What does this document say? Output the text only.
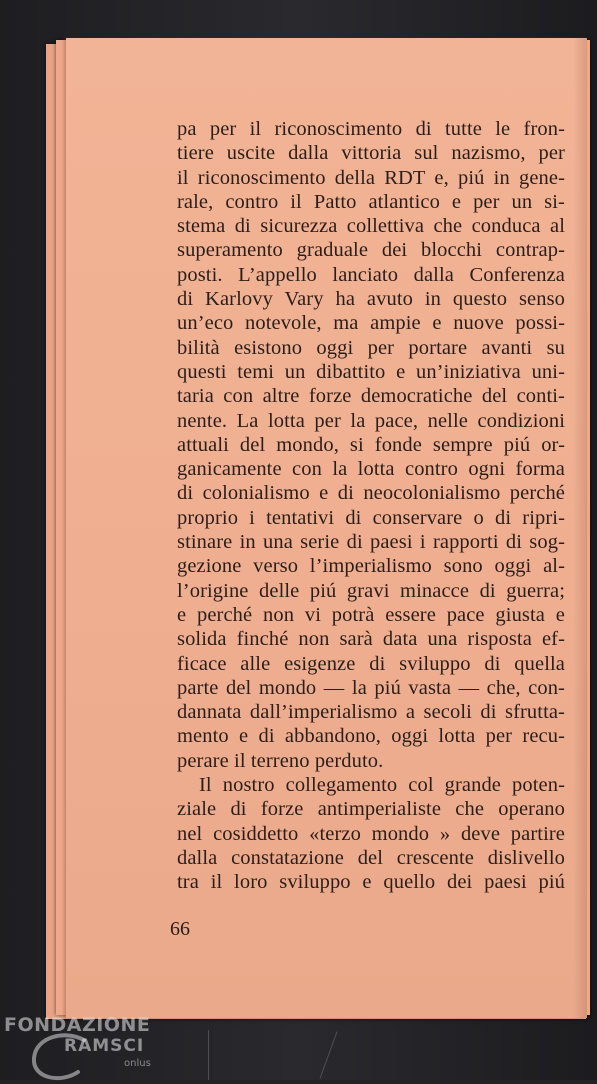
pa per il riconoscimento di tutte le fron-
tiere uscite dalla vittoria sul nazismo, per
il riconoscimento della RDT e, piú in gene-
rale, contro il Patto atlantico e per un si-
stema di sicurezza collettiva che conduca al
superamento graduale dei blocchi contrap-
posti. L’appello lanciato dalla Conferenza
di Karlovy Vary ha avuto in questo senso
un’eco notevole, ma ampie e nuove possi-
bilità esistono oggi per portare avanti su
questi temi un dibattito e un’iniziativa uni-
taria con altre forze democratiche del conti-
nente. La lotta per la pace, nelle condizioni
attuali del mondo, si fonde sempre piú or-
ganicamente con la lotta contro ogni forma
di colonialismo e di neocolonialismo perché
proprio i tentativi di conservare o di ripri-
stinare in una serie di paesi i rapporti di sog-
gezione verso l’imperialismo sono oggi al-
l’origine delle piú gravi minacce di guerra;
e perché non vi potrà essere pace giusta e
solida finché non sarà data una risposta ef-
ficace alle esigenze di sviluppo di quella
parte del mondo — la piú vasta — che, con-
dannata dall’imperialismo a secoli di sfrutta-
mento e di abbandono, oggi lotta per recu-
perare il terreno perduto.
Il nostro collegamento col grande poten-
ziale di forze antimperialiste che operano
nel cosiddetto «terzo mondo » deve partire
dalla constatazione del crescente dislivello
tra il loro sviluppo e quello dei paesi piú
66
FONDAZIONE
RAMSCI
onlus
